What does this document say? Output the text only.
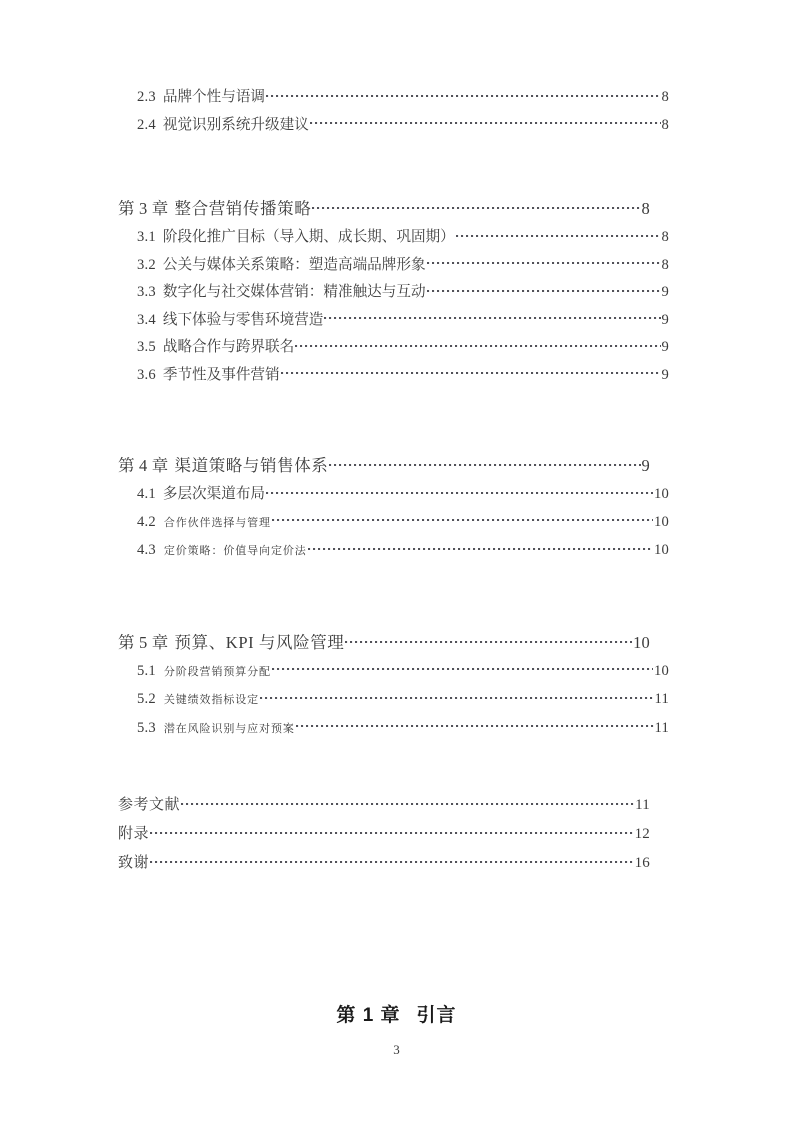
2.3 品牌个性与语调	8
2.4 视觉识别系统升级建议	8
第 3 章 整合营销传播策略	8
3.1 阶段化推广目标（导入期、成长期、巩固期）	8
3.2 公关与媒体关系策略：塑造高端品牌形象	8
3.3 数字化与社交媒体营销：精准触达与互动	9
3.4 线下体验与零售环境营造	9
3.5 战略合作与跨界联名	9
3.6 季节性及事件营销	9
第 4 章 渠道策略与销售体系	9
4.1 多层次渠道布局	10
4.2 合作伙伴选择与管理	10
4.3 定价策略：价值导向定价法	10
第 5 章 预算、KPI 与风险管理	10
5.1 分阶段营销预算分配	10
5.2 关键绩效指标设定	11
5.3 潜在风险识别与应对预案	11
参考文献	11
附录	12
致谢	16
第 1 章 引言
3
